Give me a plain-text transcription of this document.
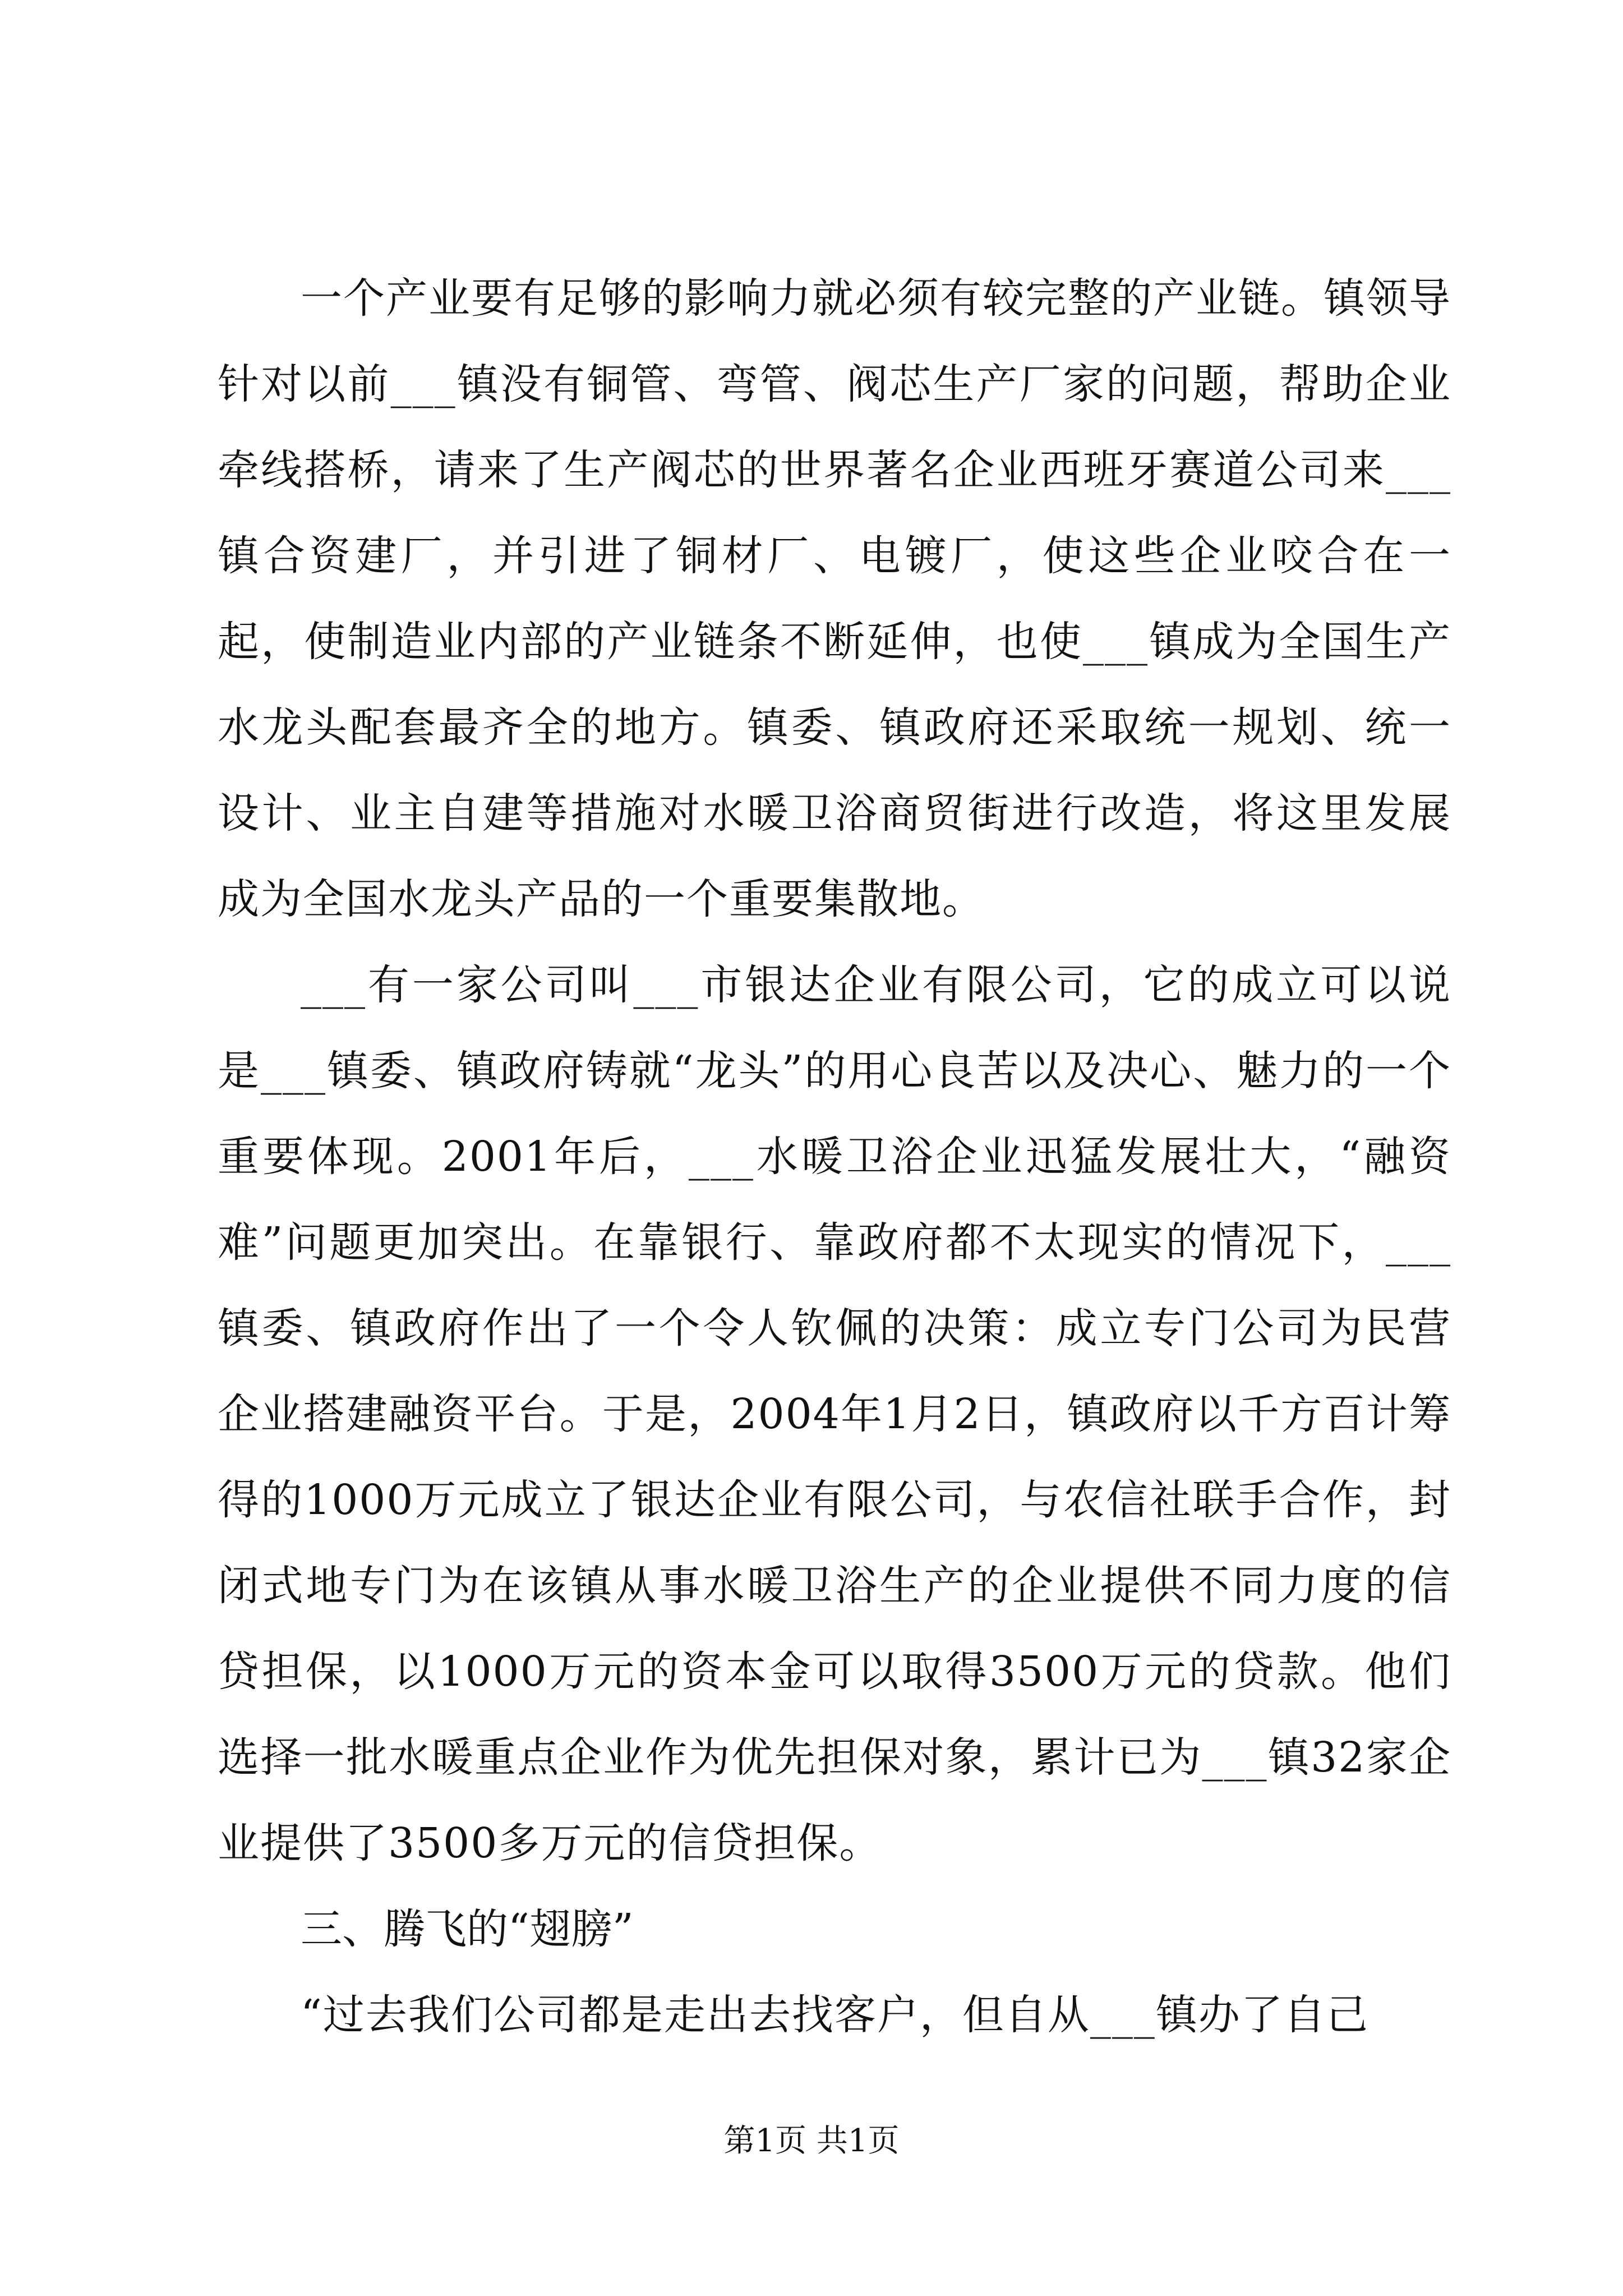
一个产业要有足够的影响力就必须有较完整的产业链。镇领导针对以前___镇没有铜管、弯管、阀芯生产厂家的问题，帮助企业牵线搭桥，请来了生产阀芯的世界著名企业西班牙赛道公司来___镇合资建厂，并引进了铜材厂、电镀厂，使这些企业咬合在一起，使制造业内部的产业链条不断延伸，也使___镇成为全国生产水龙头配套最齐全的地方。镇委、镇政府还采取统一规划、统一设计、业主自建等措施对水暖卫浴商贸街进行改造，将这里发展成为全国水龙头产品的一个重要集散地。

___有一家公司叫___市银达企业有限公司，它的成立可以说是___镇委、镇政府铸就“龙头”的用心良苦以及决心、魅力的一个重要体现。2001年后，___水暖卫浴企业迅猛发展壮大，“融资难”问题更加突出。在靠银行、靠政府都不太现实的情况下，___镇委、镇政府作出了一个令人钦佩的决策：成立专门公司为民营企业搭建融资平台。于是，2004年1月2日，镇政府以千方百计筹得的1000万元成立了银达企业有限公司，与农信社联手合作，封闭式地专门为在该镇从事水暖卫浴生产的企业提供不同力度的信贷担保，以1000万元的资本金可以取得3500万元的贷款。他们选择一批水暖重点企业作为优先担保对象，累计已为___镇32家企业提供了3500多万元的信贷担保。

三、腾飞的“翅膀”

“过去我们公司都是走出去找客户，但自从___镇办了自己

第1页 共1页
